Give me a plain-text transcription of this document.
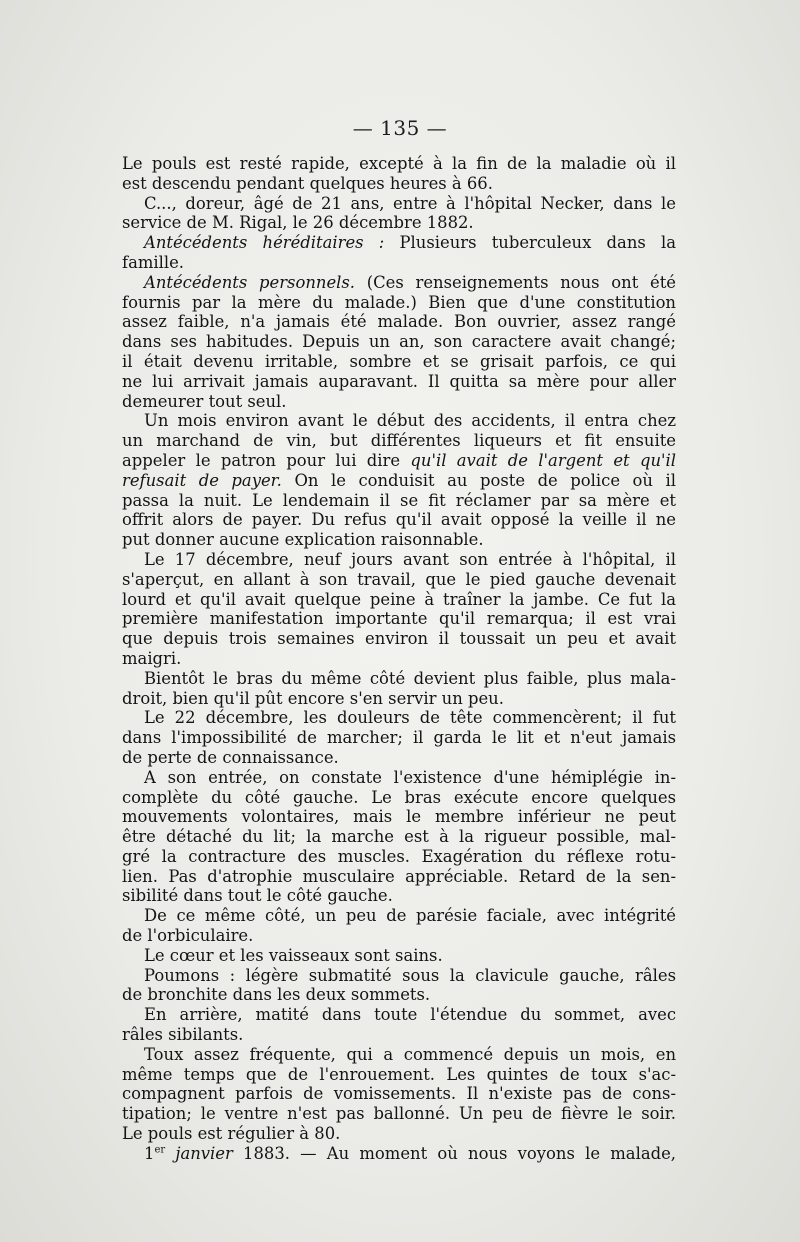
— 135 —
Le pouls est resté rapide, excepté à la fin de la maladie où il
est descendu pendant quelques heures à 66.
C..., doreur, âgé de 21 ans, entre à l'hôpital Necker, dans le
service de M. Rigal, le 26 décembre 1882.
Antécédents héréditaires : Plusieurs tuberculeux dans la
famille.
Antécédents personnels. (Ces renseignements nous ont été
fournis par la mère du malade.) Bien que d'une constitution
assez faible, n'a jamais été malade. Bon ouvrier, assez rangé
dans ses habitudes. Depuis un an, son caractere avait changé;
il était devenu irritable, sombre et se grisait parfois, ce qui
ne lui arrivait jamais auparavant. Il quitta sa mère pour aller
demeurer tout seul.
Un mois environ avant le début des accidents, il entra chez
un marchand de vin, but différentes liqueurs et fit ensuite
appeler le patron pour lui dire qu'il avait de l'argent et qu'il
refusait de payer. On le conduisit au poste de police où il
passa la nuit. Le lendemain il se fit réclamer par sa mère et
offrit alors de payer. Du refus qu'il avait opposé la veille il ne
put donner aucune explication raisonnable.
Le 17 décembre, neuf jours avant son entrée à l'hôpital, il
s'aperçut, en allant à son travail, que le pied gauche devenait
lourd et qu'il avait quelque peine à traîner la jambe. Ce fut la
première manifestation importante qu'il remarqua; il est vrai
que depuis trois semaines environ il toussait un peu et avait
maigri.
Bientôt le bras du même côté devient plus faible, plus mala-
droit, bien qu'il pût encore s'en servir un peu.
Le 22 décembre, les douleurs de tête commencèrent; il fut
dans l'impossibilité de marcher; il garda le lit et n'eut jamais
de perte de connaissance.
A son entrée, on constate l'existence d'une hémiplégie in-
complète du côté gauche. Le bras exécute encore quelques
mouvements volontaires, mais le membre inférieur ne peut
être détaché du lit; la marche est à la rigueur possible, mal-
gré la contracture des muscles. Exagération du réflexe rotu-
lien. Pas d'atrophie musculaire appréciable. Retard de la sen-
sibilité dans tout le côté gauche.
De ce même côté, un peu de parésie faciale, avec intégrité
de l'orbiculaire.
Le cœur et les vaisseaux sont sains.
Poumons : légère submatité sous la clavicule gauche, râles
de bronchite dans les deux sommets.
En arrière, matité dans toute l'étendue du sommet, avec
râles sibilants.
Toux assez fréquente, qui a commencé depuis un mois, en
même temps que de l'enrouement. Les quintes de toux s'ac-
compagnent parfois de vomissements. Il n'existe pas de cons-
tipation; le ventre n'est pas ballonné. Un peu de fièvre le soir.
Le pouls est régulier à 80.
1er janvier 1883. — Au moment où nous voyons le malade,
